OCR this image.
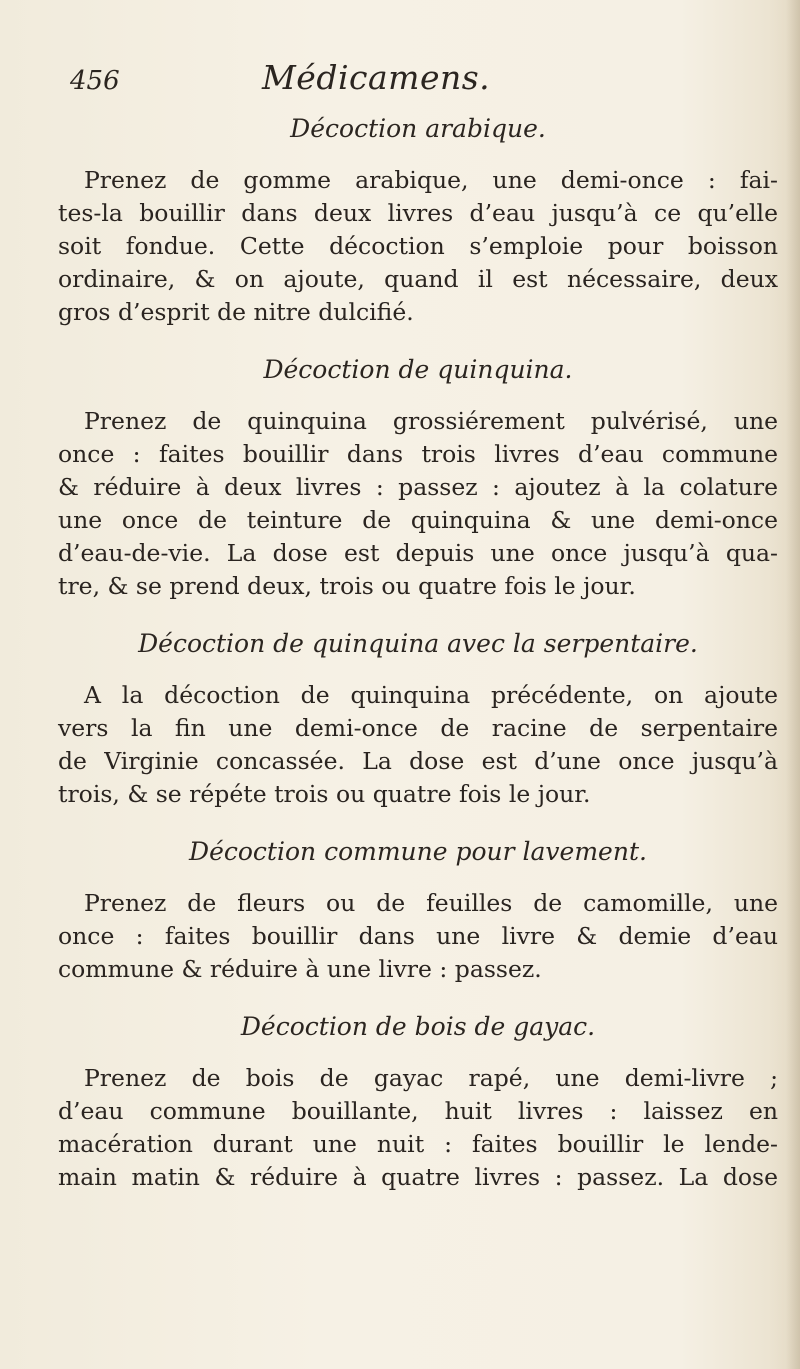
456	Médicamens.
Décoction arabique.
Prenez de gomme arabique, une demi-once : fai-
tes-la bouillir dans deux livres d’eau jusqu’à ce qu’elle
soit fondue. Cette décoction s’emploie pour boisson
ordinaire, & on ajoute, quand il est nécessaire, deux
gros d’esprit de nitre dulcifié.
Décoction de quinquina.
Prenez de quinquina grossiérement pulvérisé, une
once : faites bouillir dans trois livres d’eau commune
& réduire à deux livres : passez : ajoutez à la colature
une once de teinture de quinquina & une demi-once
d’eau-de-vie. La dose est depuis une once jusqu’à qua-
tre, & se prend deux, trois ou quatre fois le jour.
Décoction de quinquina avec la serpentaire.
A la décoction de quinquina précédente, on ajoute
vers la fin une demi-once de racine de serpentaire
de Virginie concassée. La dose est d’une once jusqu’à
trois, & se répéte trois ou quatre fois le jour.
Décoction commune pour lavement.
Prenez de fleurs ou de feuilles de camomille, une
once : faites bouillir dans une livre & demie d’eau
commune & réduire à une livre : passez.
Décoction de bois de gayac.
Prenez de bois de gayac rapé, une demi-livre ;
d’eau commune bouillante, huit livres : laissez en
macération durant une nuit : faites bouillir le lende-
main matin & réduire à quatre livres : passez. La dose
